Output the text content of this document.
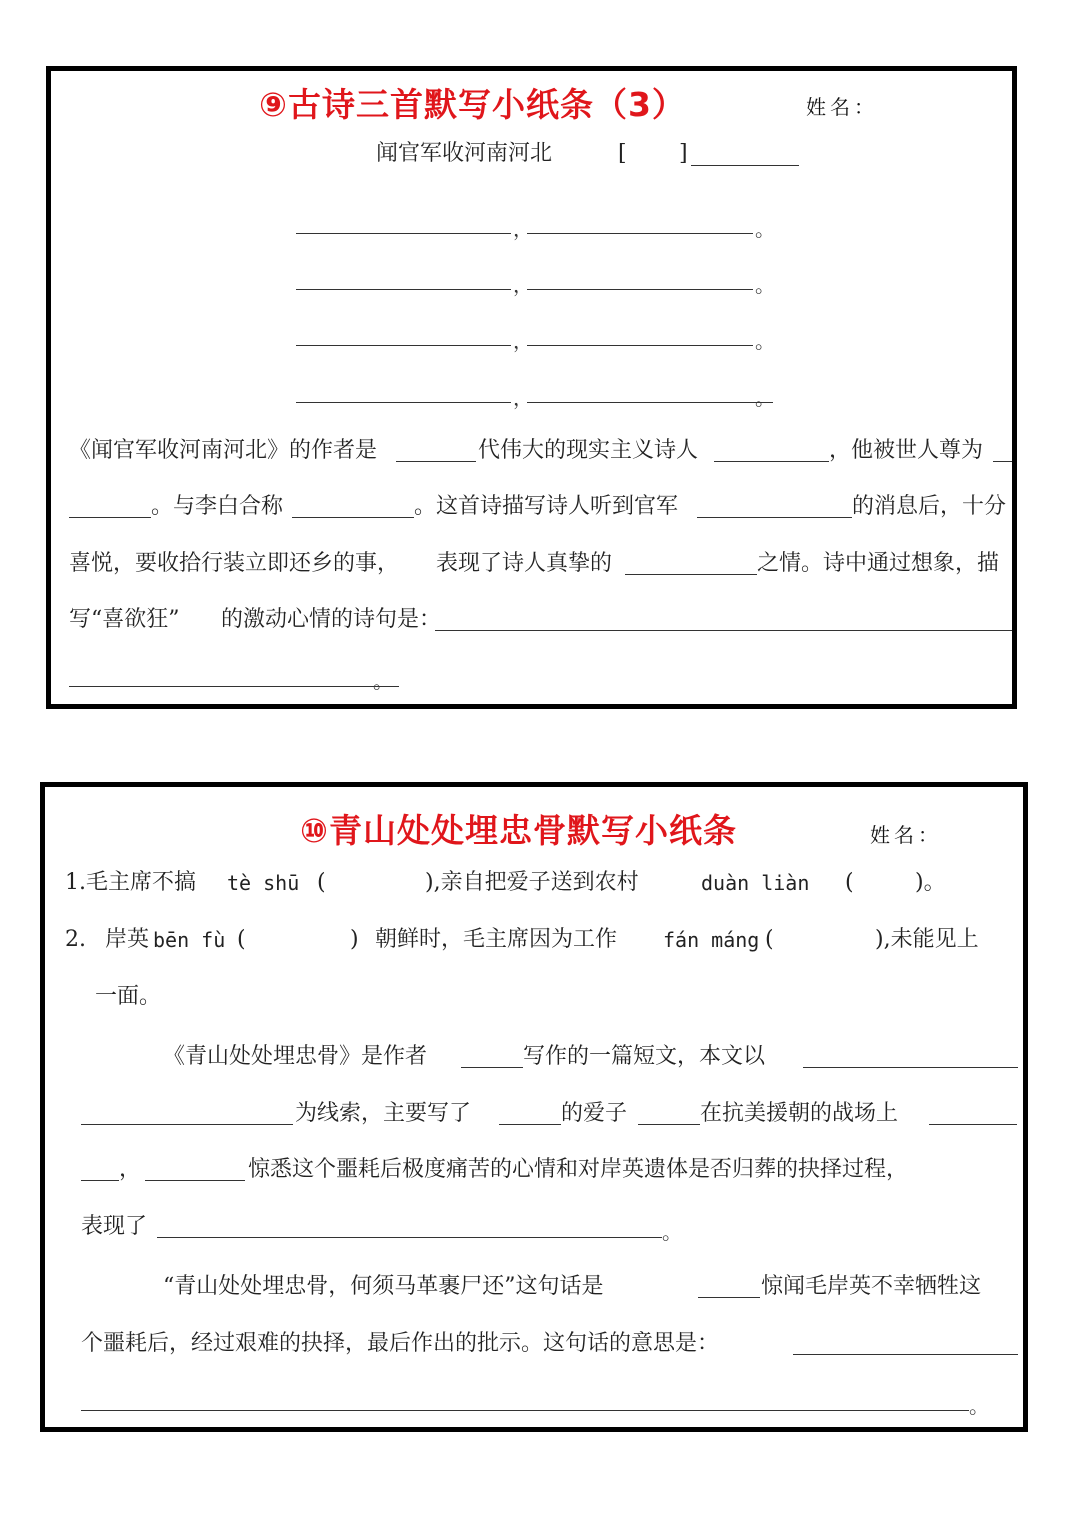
⑨古诗三首默写小纸条（3）	姓名：
闻官军收河南河北	[ ]
，	。
，	。
，	。
，	。
《闻官军收河南河北》的作者是	代伟大的现实主义诗人	，他被世人尊为
。与李白合称	。这首诗描写诗人听到官军	的消息后，十分
喜悦，要收拾行装立即还乡的事， 表现了诗人真挚的	之情。诗中通过想象，描
写“喜欲狂” 的激动心情的诗句是：
。
⑩青山处处埋忠骨默写小纸条	姓名：
1.毛主席不搞 tè shū (	),亲自把爱子送到农村	duàn liàn (	)。
2. 岸英 bēn fù (	) 朝鲜时，毛主席因为工作 fán máng (	),未能见上
一面。
《青山处处埋忠骨》是作者	写作的一篇短文，本文以
为线索，主要写了	的爱子	在抗美援朝的战场上
，	惊悉这个噩耗后极度痛苦的心情和对岸英遗体是否归葬的抉择过程，
表现了	。
“青山处处埋忠骨，何须马革裹尸还”这句话是	惊闻毛岸英不幸牺牲这
个噩耗后，经过艰难的抉择，最后作出的批示。这句话的意思是：
。
